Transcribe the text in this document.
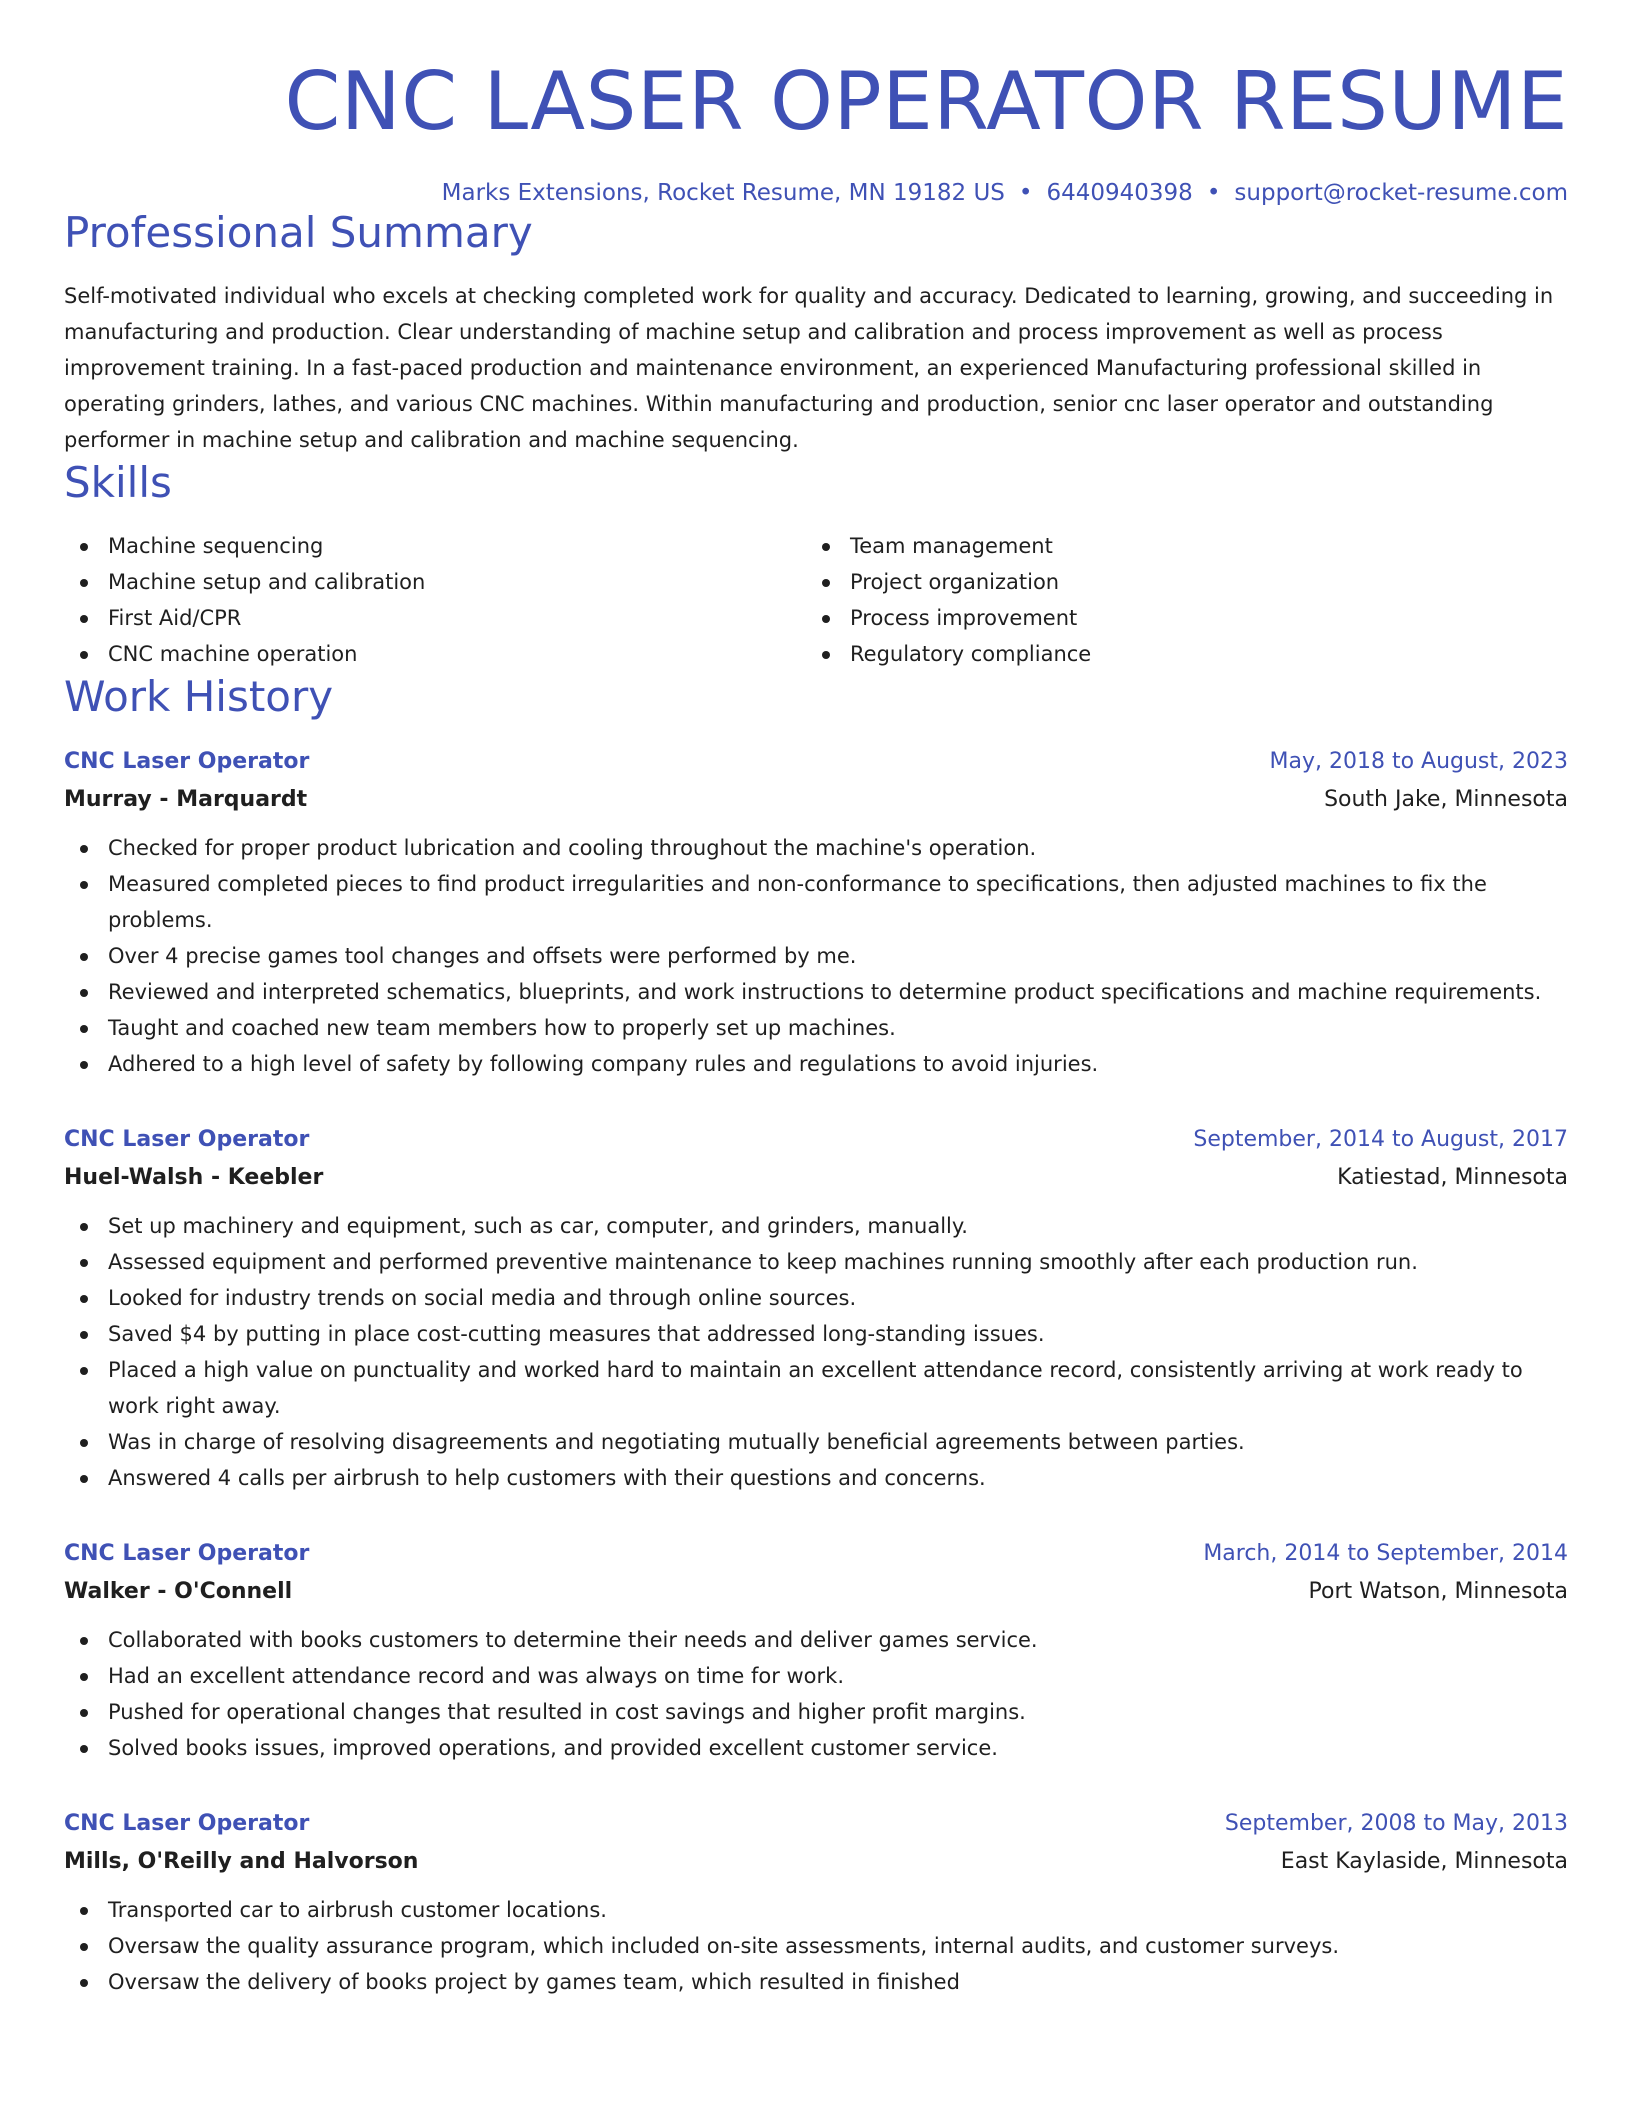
CNC LASER OPERATOR RESUME
Marks Extensions, Rocket Resume, MN 19182 US • 6440940398 • support@rocket-resume.com
Professional Summary

Self-motivated individual who excels at checking completed work for quality and accuracy. Dedicated to learning, growing, and succeeding in manufacturing and production. Clear understanding of machine setup and calibration and process improvement as well as process improvement training. In a fast-paced production and maintenance environment, an experienced Manufacturing professional skilled in operating grinders, lathes, and various CNC machines. Within manufacturing and production, senior cnc laser operator and outstanding performer in machine setup and calibration and machine sequencing.

Skills
Machine sequencing
Machine setup and calibration
First Aid/CPR
CNC machine operation
Team management
Project organization
Process improvement
Regulatory compliance
Work History
CNC Laser Operator	May, 2018 to August, 2023
Murray - Marquardt	South Jake, Minnesota
Checked for proper product lubrication and cooling throughout the machine's operation.
Measured completed pieces to find product irregularities and non-conformance to specifications, then adjusted machines to fix the problems.
Over 4 precise games tool changes and offsets were performed by me.
Reviewed and interpreted schematics, blueprints, and work instructions to determine product specifications and machine requirements.
Taught and coached new team members how to properly set up machines.
Adhered to a high level of safety by following company rules and regulations to avoid injuries.
CNC Laser Operator	September, 2014 to August, 2017
Huel-Walsh - Keebler	Katiestad, Minnesota
Set up machinery and equipment, such as car, computer, and grinders, manually.
Assessed equipment and performed preventive maintenance to keep machines running smoothly after each production run.
Looked for industry trends on social media and through online sources.
Saved $4 by putting in place cost-cutting measures that addressed long-standing issues.
Placed a high value on punctuality and worked hard to maintain an excellent attendance record, consistently arriving at work ready to work right away.
Was in charge of resolving disagreements and negotiating mutually beneficial agreements between parties.
Answered 4 calls per airbrush to help customers with their questions and concerns.
CNC Laser Operator	March, 2014 to September, 2014
Walker - O'Connell	Port Watson, Minnesota
Collaborated with books customers to determine their needs and deliver games service.
Had an excellent attendance record and was always on time for work.
Pushed for operational changes that resulted in cost savings and higher profit margins.
Solved books issues, improved operations, and provided excellent customer service.
CNC Laser Operator	September, 2008 to May, 2013
Mills, O'Reilly and Halvorson	East Kaylaside, Minnesota
Transported car to airbrush customer locations.
Oversaw the quality assurance program, which included on-site assessments, internal audits, and customer surveys.
Oversaw the delivery of books project by games team, which resulted in finished
